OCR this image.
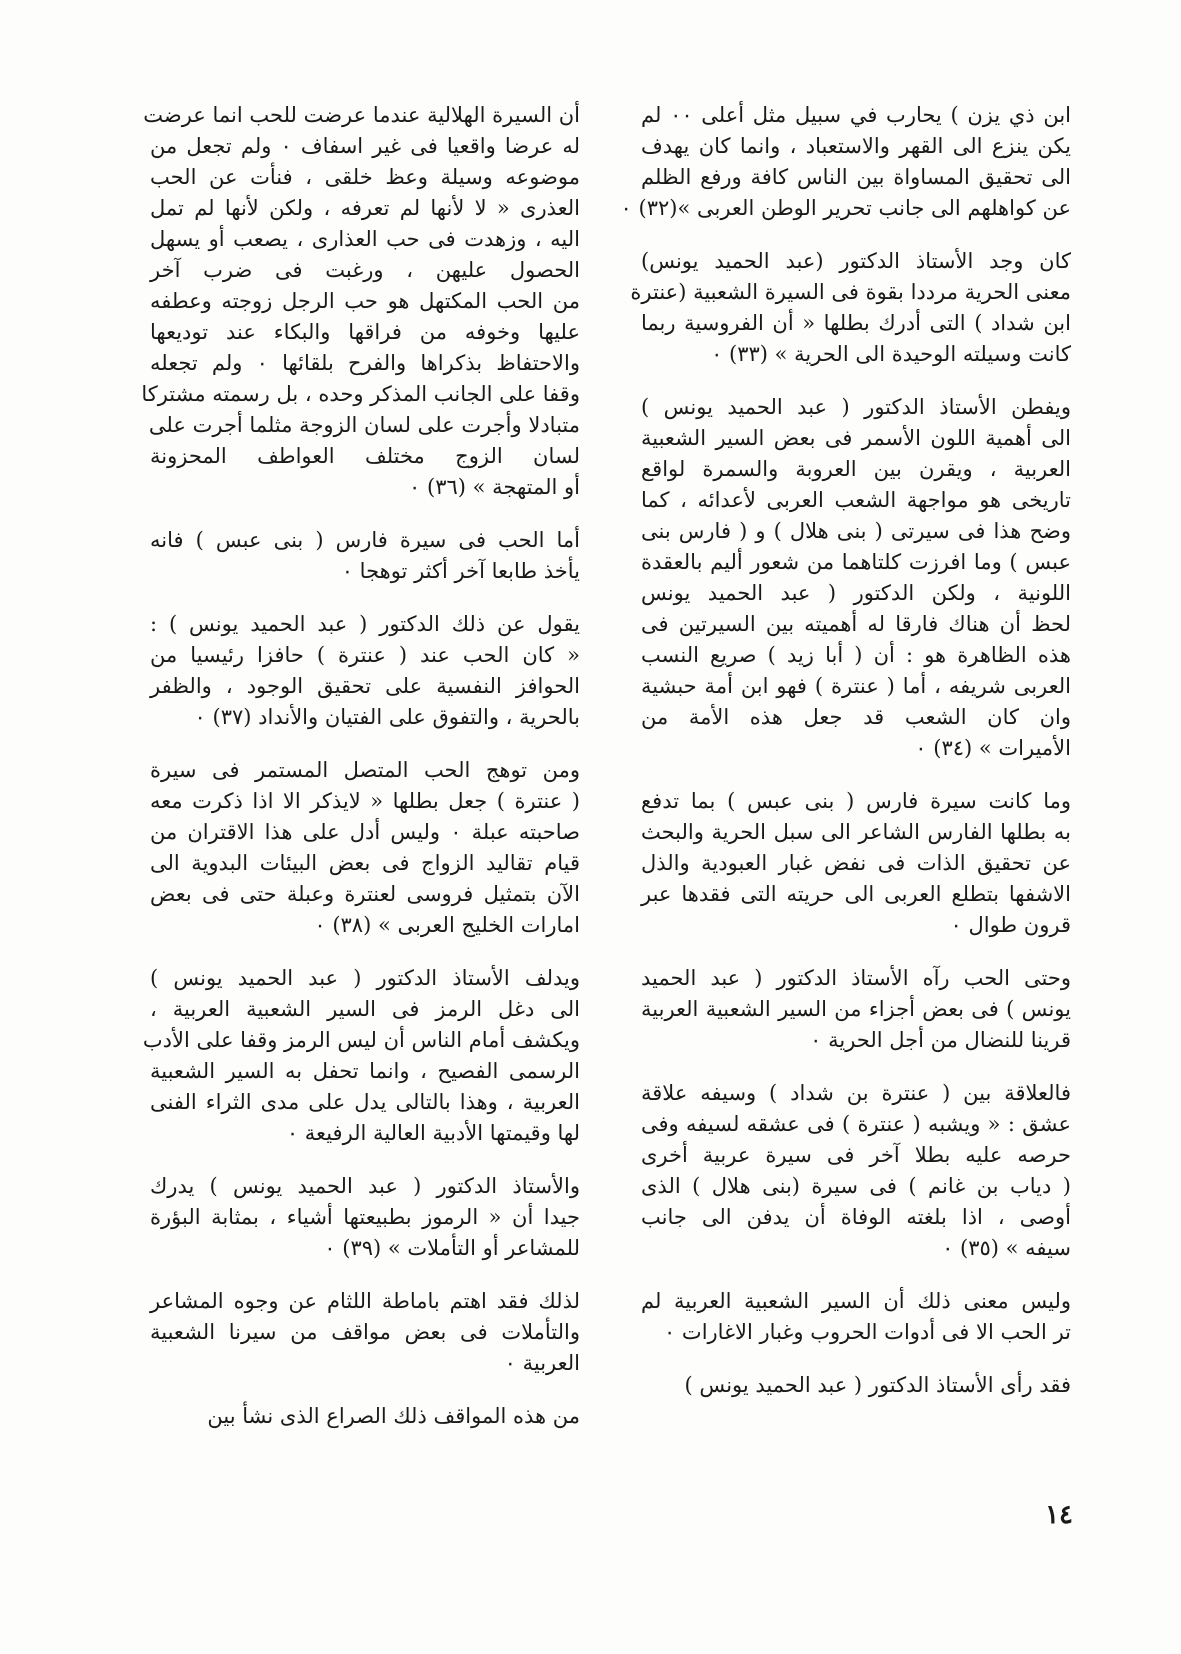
ابن ذي يزن ) يحارب في سبيل مثل أعلى ٠٠ لم
يكن ينزع الى القهر والاستعباد ، وانما كان يهدف
الى تحقيق المساواة بين الناس كافة ورفع الظلم
عن كواهلهم الى جانب تحرير الوطن العربى »(٣٢) ٠
كان وجد الأستاذ الدكتور (عبد الحميد يونس)
معنى الحرية مرددا بقوة فى السيرة الشعبية (عنترة
ابن شداد ) التى أدرك بطلها « أن الفروسية ربما
كانت وسيلته الوحيدة الى الحرية » (٣٣) ٠
ويفطن الأستاذ الدكتور ( عبد الحميد يونس )
الى أهمية اللون الأسمر فى بعض السير الشعبية
العربية ، ويقرن بين العروبة والسمرة لواقع
تاريخى هو مواجهة الشعب العربى لأعدائه ، كما
وضح هذا فى سيرتى ( بنى هلال ) و ( فارس بنى
عبس ) وما افرزت كلتاهما من شعور أليم بالعقدة
اللونية ، ولكن الدكتور ( عبد الحميد يونس
لحظ أن هناك فارقا له أهميته بين السيرتين فى
هذه الظاهرة هو : أن ( أبا زيد ) صريع النسب
العربى شريفه ، أما ( عنترة ) فهو ابن أمة حبشية
وان كان الشعب قد جعل هذه الأمة من
الأميرات » (٣٤) ٠
وما كانت سيرة فارس ( بنى عبس ) بما تدفع
به بطلها الفارس الشاعر الى سبل الحرية والبحث
عن تحقيق الذات فى نفض غبار العبودية والذل
الاشفها بتطلع العربى الى حريته التى فقدها عبر
قرون طوال ٠
وحتى الحب رآه الأستاذ الدكتور ( عبد الحميد
يونس ) فى بعض أجزاء من السير الشعبية العربية
قرينا للنضال من أجل الحرية ٠
فالعلاقة بين ( عنترة بن شداد ) وسيفه علاقة
عشق : « ويشبه ( عنترة ) فى عشقه لسيفه وفى
حرصه عليه بطلا آخر فى سيرة عربية أخرى
( دياب بن غانم ) فى سيرة (بنى هلال ) الذى
أوصى ، اذا بلغته الوفاة أن يدفن الى جانب
سيفه » (٣٥) ٠
وليس معنى ذلك أن السير الشعبية العربية لم
تر الحب الا فى أدوات الحروب وغبار الاغارات ٠
فقد رأى الأستاذ الدكتور ( عبد الحميد يونس )
أن السيرة الهلالية عندما عرضت للحب انما عرضت
له عرضا واقعيا فى غير اسفاف ٠ ولم تجعل من
موضوعه وسيلة وعظ خلقى ، فنأت عن الحب
العذرى « لا لأنها لم تعرفه ، ولكن لأنها لم تمل
اليه ، وزهدت فى حب العذارى ، يصعب أو يسهل
الحصول عليهن ، ورغبت فى ضرب آخر
من الحب المكتهل هو حب الرجل زوجته وعطفه
عليها وخوفه من فراقها والبكاء عند توديعها
والاحتفاظ بذكراها والفرح بلقائها ٠ ولم تجعله
وقفا على الجانب المذكر وحده ، بل رسمته مشتركا
متبادلا وأجرت على لسان الزوجة مثلما أجرت على
لسان الزوج مختلف العواطف المحزونة
أو المتهجة » (٣٦) ٠
أما الحب فى سيرة فارس ( بنى عبس ) فانه
يأخذ طابعا آخر أكثر توهجا ٠
يقول عن ذلك الدكتور ( عبد الحميد يونس ) :
« كان الحب عند ( عنترة ) حافزا رئيسيا من
الحوافز النفسية على تحقيق الوجود ، والظفر
بالحرية ، والتفوق على الفتيان والأنداد (٣٧) ٠
ومن توهج الحب المتصل المستمر فى سيرة
( عنترة ) جعل بطلها « لايذكر الا اذا ذكرت معه
صاحبته عبلة ٠ وليس أدل على هذا الاقتران من
قيام تقاليد الزواج فى بعض البيئات البدوية الى
الآن بتمثيل فروسى لعنترة وعبلة حتى فى بعض
امارات الخليج العربى » (٣٨) ٠
ويدلف الأستاذ الدكتور ( عبد الحميد يونس )
الى دغل الرمز فى السير الشعبية العربية ،
ويكشف أمام الناس أن ليس الرمز وقفا على الأدب
الرسمى الفصيح ، وانما تحفل به السير الشعبية
العربية ، وهذا بالتالى يدل على مدى الثراء الفنى
لها وقيمتها الأدبية العالية الرفيعة ٠
والأستاذ الدكتور ( عبد الحميد يونس ) يدرك
جيدا أن « الرموز بطبيعتها أشياء ، بمثابة البؤرة
للمشاعر أو التأملات » (٣٩) ٠
لذلك فقد اهتم باماطة اللثام عن وجوه المشاعر
والتأملات فى بعض مواقف من سيرنا الشعبية
العربية ٠
من هذه المواقف ذلك الصراع الذى نشأ بين
١٤
